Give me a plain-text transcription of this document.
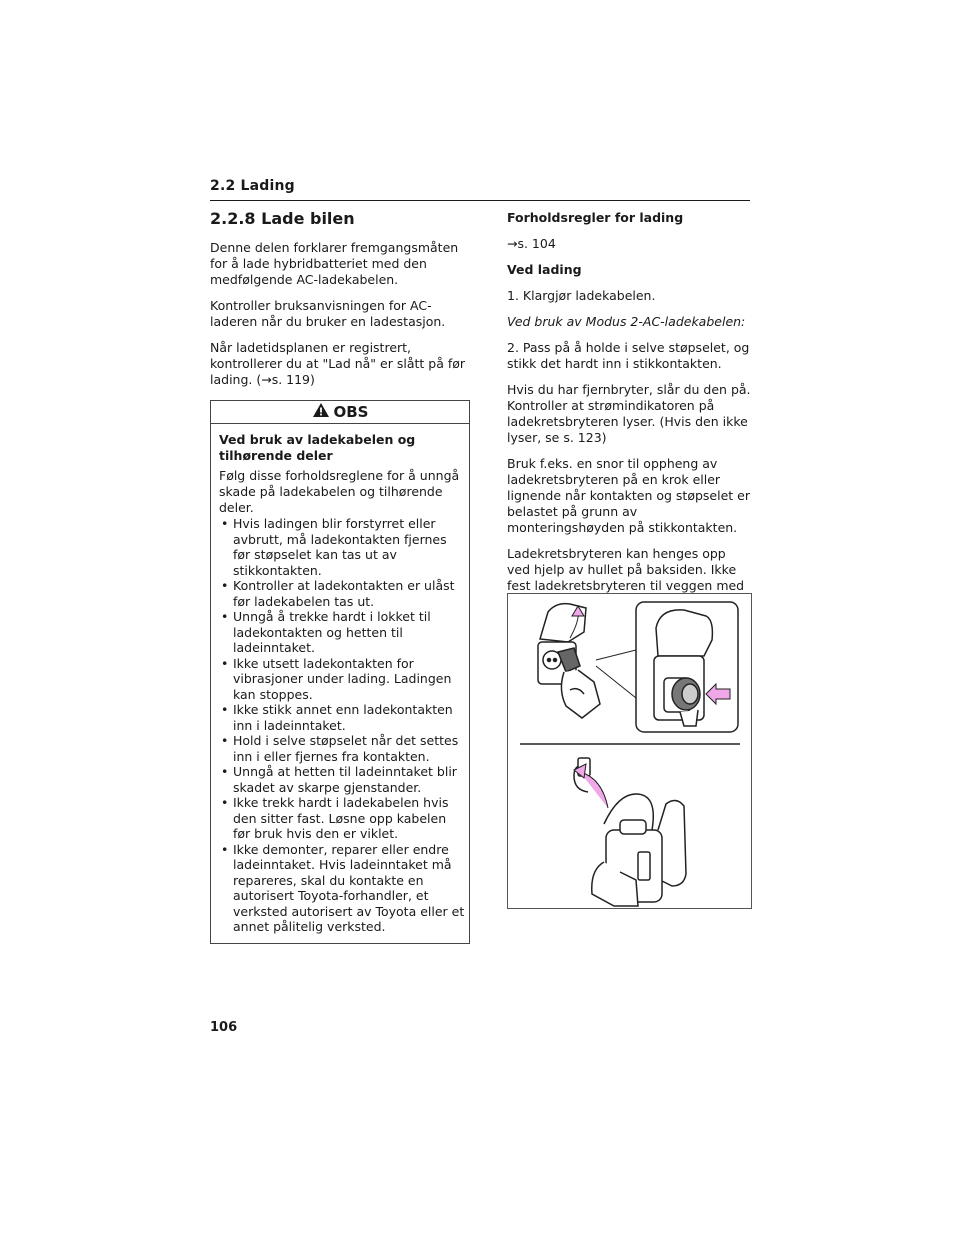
2.2 Lading
2.2.8 Lade bilen

Denne delen forklarer fremgangsmåten for å lade hybridbatteriet med den medfølgende AC-ladekabelen.

Kontroller bruksanvisningen for AC-laderen når du bruker en ladestasjon.

Når ladetidsplanen er registrert, kontrollerer du at "Lad nå" er slått på før lading. (→s. 119)

OBS
Ved bruk av ladekabelen og tilhørende deler

Følg disse forholdsreglene for å unngå skade på ladekabelen og tilhørende deler.

• Hvis ladingen blir forstyrret eller avbrutt, må ladekontakten fjernes før støpselet kan tas ut av stikkontakten.
• Kontroller at ladekontakten er ulåst før ladekabelen tas ut.
• Unngå å trekke hardt i lokket til ladekontakten og hetten til ladeinntaket.
• Ikke utsett ladekontakten for vibrasjoner under lading. Ladingen kan stoppes.
• Ikke stikk annet enn ladekontakten inn i ladeinntaket.
• Hold i selve støpselet når det settes inn i eller fjernes fra kontakten.
• Unngå at hetten til ladeinntaket blir skadet av skarpe gjenstander.
• Ikke trekk hardt i ladekabelen hvis den sitter fast. Løsne opp kabelen før bruk hvis den er viklet.
• Ikke demonter, reparer eller endre ladeinntaket. Hvis ladeinntaket må repareres, skal du kontakte en autorisert Toyota-forhandler, et verksted autorisert av Toyota eller et annet pålitelig verksted.

Forholdsregler for lading

→s. 104

Ved lading

1. Klargjør ladekabelen.

Ved bruk av Modus 2-AC-ladekabelen:

2. Pass på å holde i selve støpselet, og stikk det hardt inn i stikkontakten.

Hvis du har fjernbryter, slår du den på. Kontroller at strømindikatoren på ladekretsbryteren lyser. (Hvis den ikke lyser, se s. 123)

Bruk f.eks. en snor til oppheng av ladekretsbryteren på en krok eller lignende når kontakten og støpselet er belastet på grunn av monteringshøyden på stikkontakten.

Ladekretsbryteren kan henges opp ved hjelp av hullet på baksiden. Ikke fest ladekretsbryteren til veggen med

106
